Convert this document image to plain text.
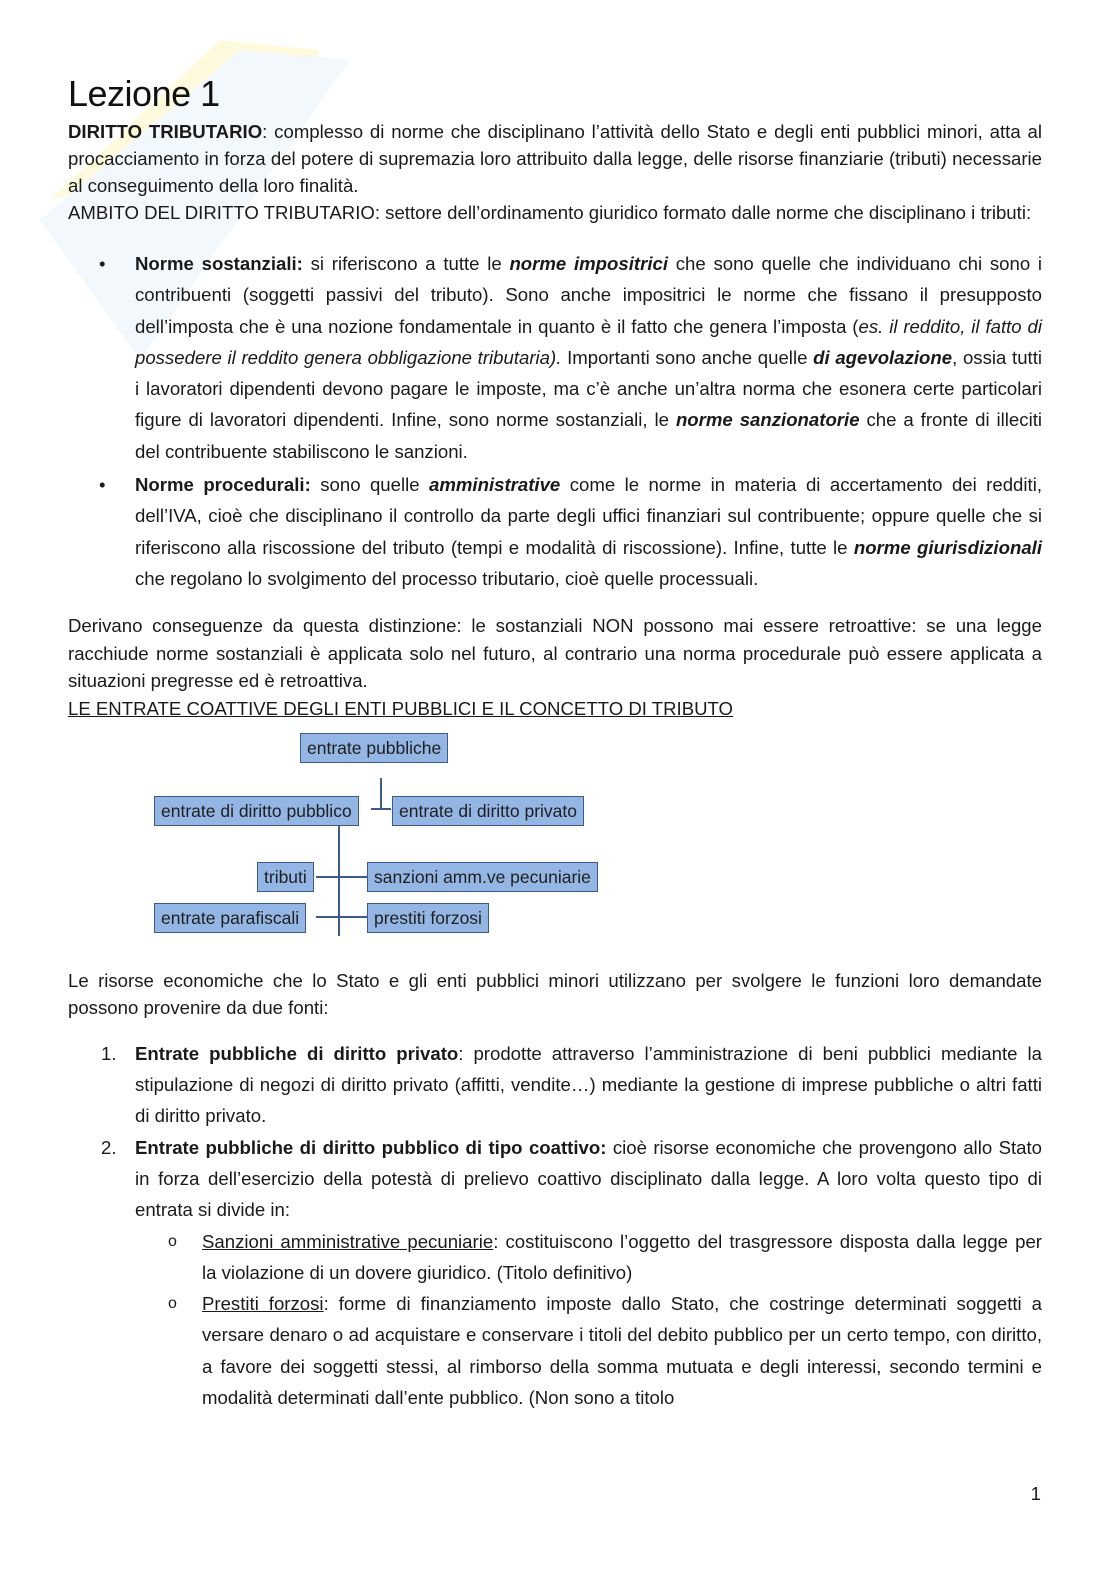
Lezione 1

DIRITTO TRIBUTARIO: complesso di norme che disciplinano l’attività dello Stato e degli enti pubblici minori, atta al procacciamento in forza del potere di supremazia loro attribuito dalla legge, delle risorse finanziarie (tributi) necessarie al conseguimento della loro finalità.

AMBITO DEL DIRITTO TRIBUTARIO: settore dell’ordinamento giuridico formato dalle norme che disciplinano i tributi:

• Norme sostanziali: si riferiscono a tutte le norme impositrici che sono quelle che individuano chi sono i contribuenti (soggetti passivi del tributo). Sono anche impositrici le norme che fissano il presupposto dell’imposta che è una nozione fondamentale in quanto è il fatto che genera l’imposta (es. il reddito, il fatto di possedere il reddito genera obbligazione tributaria). Importanti sono anche quelle di agevolazione, ossia tutti i lavoratori dipendenti devono pagare le imposte, ma c’è anche un’altra norma che esonera certe particolari figure di lavoratori dipendenti. Infine, sono norme sostanziali, le norme sanzionatorie che a fronte di illeciti del contribuente stabiliscono le sanzioni.
• Norme procedurali: sono quelle amministrative come le norme in materia di accertamento dei redditi, dell’IVA, cioè che disciplinano il controllo da parte degli uffici finanziari sul contribuente; oppure quelle che si riferiscono alla riscossione del tributo (tempi e modalità di riscossione). Infine, tutte le norme giurisdizionali che regolano lo svolgimento del processo tributario, cioè quelle processuali.

Derivano conseguenze da questa distinzione: le sostanziali NON possono mai essere retroattive: se una legge racchiude norme sostanziali è applicata solo nel futuro, al contrario una norma procedurale può essere applicata a situazioni pregresse ed è retroattiva.

LE ENTRATE COATTIVE DEGLI ENTI PUBBLICI E IL CONCETTO DI TRIBUTO

entrate pubbliche
entrate di diritto pubblico	entrate di diritto privato
tributi	sanzioni amm.ve pecuniarie
entrate parafiscali	prestiti forzosi

Le risorse economiche che lo Stato e gli enti pubblici minori utilizzano per svolgere le funzioni loro demandate possono provenire da due fonti:

1. Entrate pubbliche di diritto privato: prodotte attraverso l’amministrazione di beni pubblici mediante la stipulazione di negozi di diritto privato (affitti, vendite…) mediante la gestione di imprese pubbliche o altri fatti di diritto privato.
2. Entrate pubbliche di diritto pubblico di tipo coattivo: cioè risorse economiche che provengono allo Stato in forza dell’esercizio della potestà di prelievo coattivo disciplinato dalla legge. A loro volta questo tipo di entrata si divide in:
o Sanzioni amministrative pecuniarie: costituiscono l’oggetto del trasgressore disposta dalla legge per la violazione di un dovere giuridico. (Titolo definitivo)
o Prestiti forzosi: forme di finanziamento imposte dallo Stato, che costringe determinati soggetti a versare denaro o ad acquistare e conservare i titoli del debito pubblico per un certo tempo, con diritto, a favore dei soggetti stessi, al rimborso della somma mutuata e degli interessi, secondo termini e modalità determinati dall’ente pubblico. (Non sono a titolo
1
